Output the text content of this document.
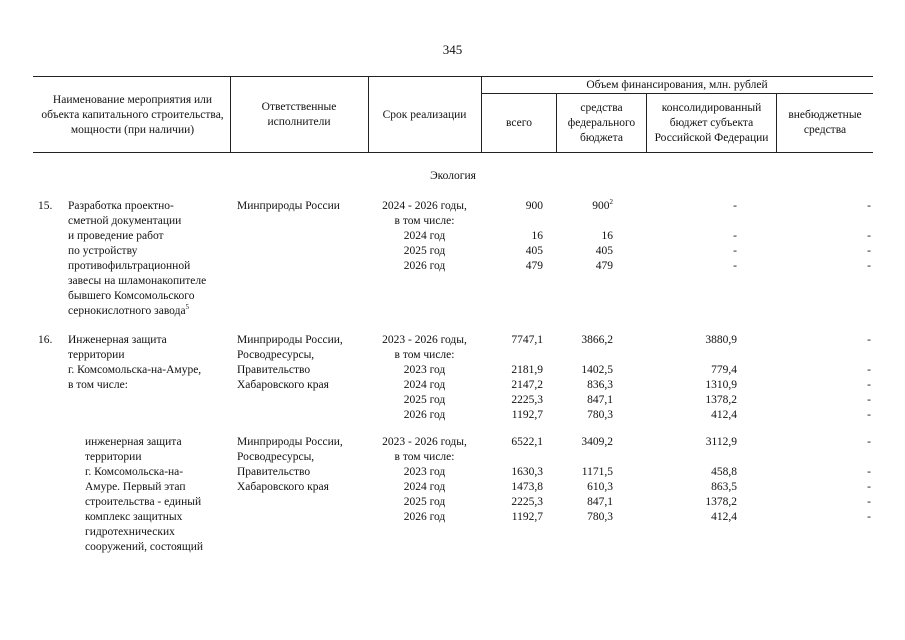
345
Наименование мероприятия или объекта капитального строительства, мощности (при наличии)
Ответственные исполнители
Срок реализации
Объем финансирования, млн. рублей
всего
средства федерального бюджета
консолидированный бюджет субъекта Российской Федерации
внебюджетные средства
Экология
15. Разработка проектно-
сметной документации
и проведение работ
по устройству
противофильтрационной
завесы на шламонакопителе
бывшего Комсомольского
сернокислотного завода$^5$
Минприроды России	2024 - 2026 годы,
в том числе:
2024 год
2025 год
2026 год
900
16
405
479
$900^2$
16
405
479
-
-
-
-
-
-
-
-
16. Инженерная защита
территории
г. Комсомольска-на-Амуре,
в том числе:
Минприроды России,
Росводресурсы,
Правительство
Хабаровского края
2023 - 2026 годы,
в том числе:
2023 год
2024 год
2025 год
2026 год
7747,1
2181,9
2147,2
2225,3
1192,7
3866,2
1402,5
836,3
847,1
780,3
3880,9
779,4
1310,9
1378,2
412,4
-
-
-
-
-
инженерная защита
территории
г. Комсомольска-на-
Амуре. Первый этап
строительства - единый
комплекс защитных
гидротехнических
сооружений, состоящий
Минприроды России,
Росводресурсы,
Правительство
Хабаровского края
2023 - 2026 годы,
в том числе:
2023 год
2024 год
2025 год
2026 год
6522,1
1630,3
1473,8
2225,3
1192,7
3409,2
1171,5
610,3
847,1
780,3
3112,9
458,8
863,5
1378,2
412,4
-
-
-
-
-
